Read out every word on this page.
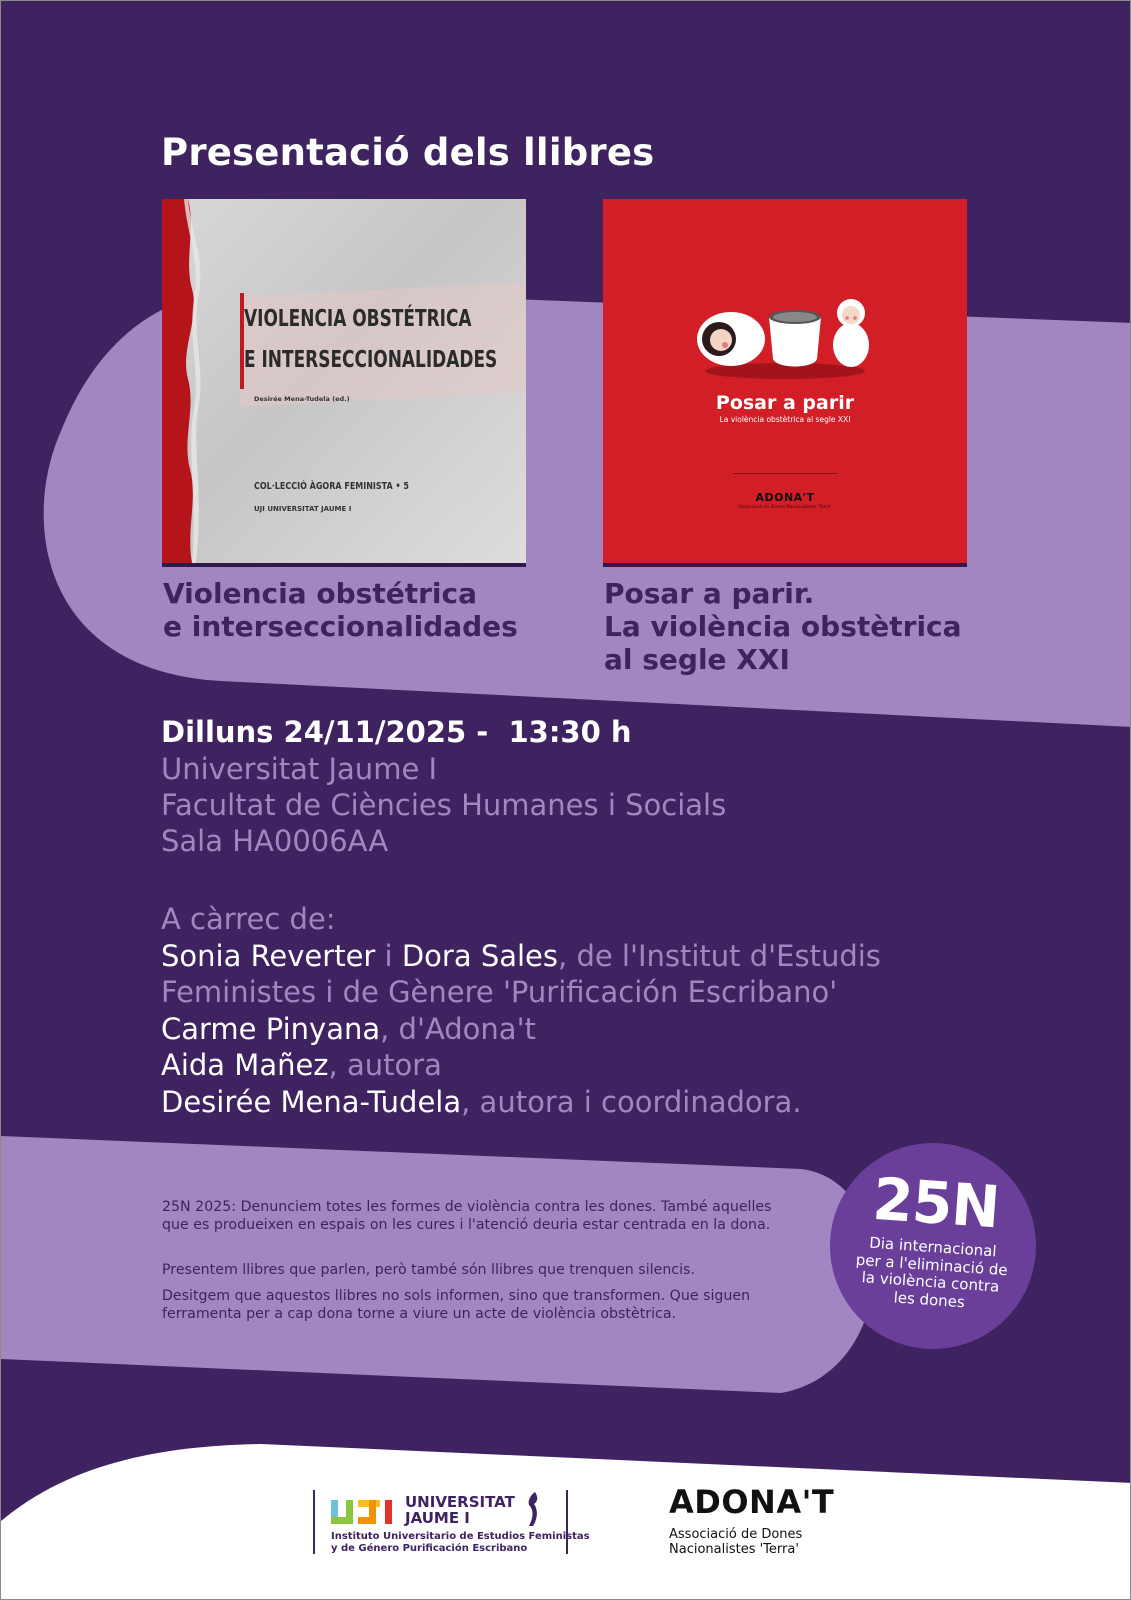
Presentació dels llibres
VIOLENCIA OBSTÉTRICA
E INTERSECCIONALIDADES
Desirée Mena-Tudela (ed.)
COL·LECCIÓ ÀGORA FEMINISTA • 5
UJI UNIVERSITAT JAUME I
Posar a parir
La violència obstètrica al segle XXI
ADONA'T
Associació de Dones Nacionalistes 'Terra'
Violencia obstétrica
e interseccionalidades
Posar a parir.
La violència obstètrica
al segle XXI

Dilluns 24/11/2025 -  13:30 h

Universitat Jaume I

Facultat de Ciències Humanes i Socials

Sala HA0006AA

A càrrec de:

Sonia Reverter i Dora Sales, de l'Institut d'Estudis

Feministes i de Gènere 'Purificación Escribano'

Carme Pinyana, d'Adona't

Aida Mañez, autora

Desirée Mena-Tudela, autora i coordinadora.

25N 2025: Denunciem totes les formes de violència contra les dones. També aquelles que es produeixen en espais on les cures i l'atenció deuria estar centrada en la dona.

Presentem llibres que parlen, però també són llibres que trenquen silencis.

Desitgem que aquestos llibres no sols informen, sino que transformen. Que siguen ferramenta per a cap dona torne a viure un acte de violència obstètrica.

25N
Dia internacional per a l'eliminació de la violència contra les dones
UNIVERSITAT
JAUME I
Instituto Universitario de Estudios Feministas
y de Género Purificación Escribano
ADONA'T
Associació de Dones
Nacionalistes 'Terra'
